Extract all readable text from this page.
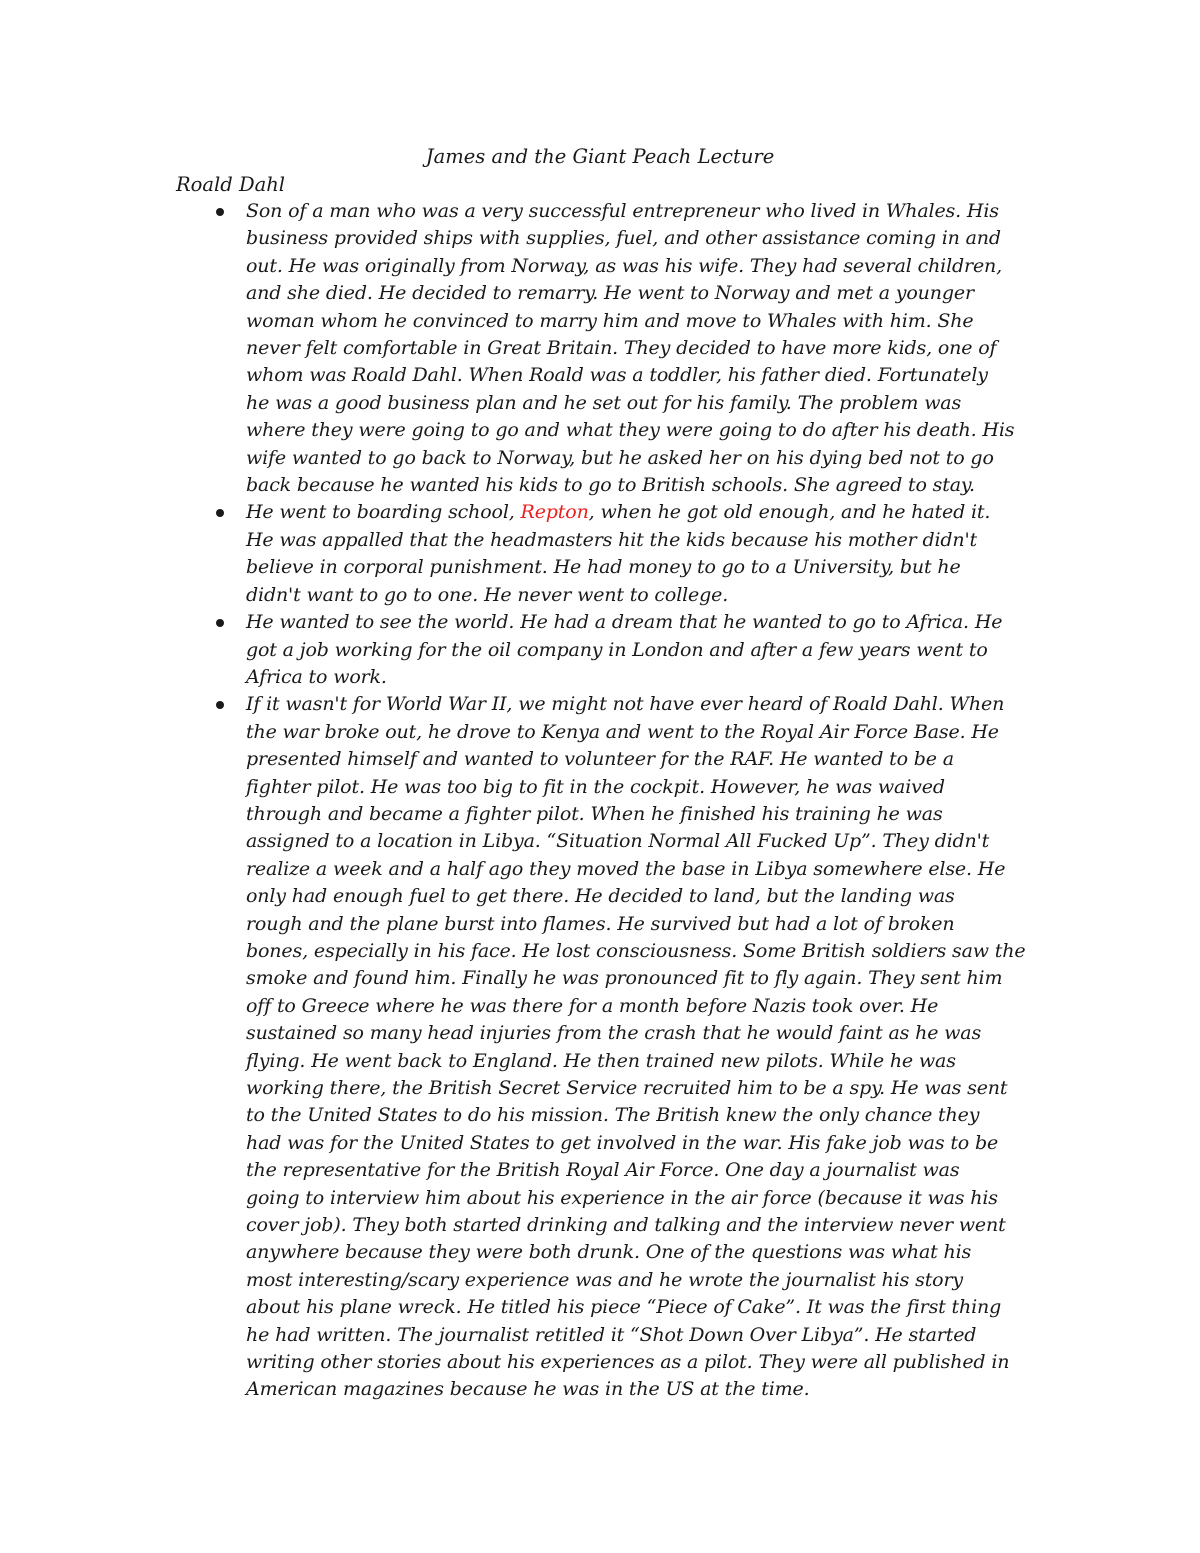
James and the Giant Peach Lecture
Roald Dahl
Son of a man who was a very successful entrepreneur who lived in Whales. His
business provided ships with supplies, fuel, and other assistance coming in and
out. He was originally from Norway, as was his wife. They had several children,
and she died. He decided to remarry. He went to Norway and met a younger
woman whom he convinced to marry him and move to Whales with him. She
never felt comfortable in Great Britain. They decided to have more kids, one of
whom was Roald Dahl. When Roald was a toddler, his father died. Fortunately
he was a good business plan and he set out for his family. The problem was
where they were going to go and what they were going to do after his death. His
wife wanted to go back to Norway, but he asked her on his dying bed not to go
back because he wanted his kids to go to British schools. She agreed to stay.
He went to boarding school, Repton, when he got old enough, and he hated it.
He was appalled that the headmasters hit the kids because his mother didn't
believe in corporal punishment. He had money to go to a University, but he
didn't want to go to one. He never went to college.
He wanted to see the world. He had a dream that he wanted to go to Africa. He
got a job working for the oil company in London and after a few years went to
Africa to work.
If it wasn't for World War II, we might not have ever heard of Roald Dahl. When
the war broke out, he drove to Kenya and went to the Royal Air Force Base. He
presented himself and wanted to volunteer for the RAF. He wanted to be a
fighter pilot. He was too big to fit in the cockpit. However, he was waived
through and became a fighter pilot. When he finished his training he was
assigned to a location in Libya. “Situation Normal All Fucked Up”. They didn't
realize a week and a half ago they moved the base in Libya somewhere else. He
only had enough fuel to get there. He decided to land, but the landing was
rough and the plane burst into flames. He survived but had a lot of broken
bones, especially in his face. He lost consciousness. Some British soldiers saw the
smoke and found him. Finally he was pronounced fit to fly again. They sent him
off to Greece where he was there for a month before Nazis took over. He
sustained so many head injuries from the crash that he would faint as he was
flying. He went back to England. He then trained new pilots. While he was
working there, the British Secret Service recruited him to be a spy. He was sent
to the United States to do his mission. The British knew the only chance they
had was for the United States to get involved in the war. His fake job was to be
the representative for the British Royal Air Force. One day a journalist was
going to interview him about his experience in the air force (because it was his
cover job). They both started drinking and talking and the interview never went
anywhere because they were both drunk. One of the questions was what his
most interesting/scary experience was and he wrote the journalist his story
about his plane wreck. He titled his piece “Piece of Cake”. It was the first thing
he had written. The journalist retitled it “Shot Down Over Libya”. He started
writing other stories about his experiences as a pilot. They were all published in
American magazines because he was in the US at the time.
